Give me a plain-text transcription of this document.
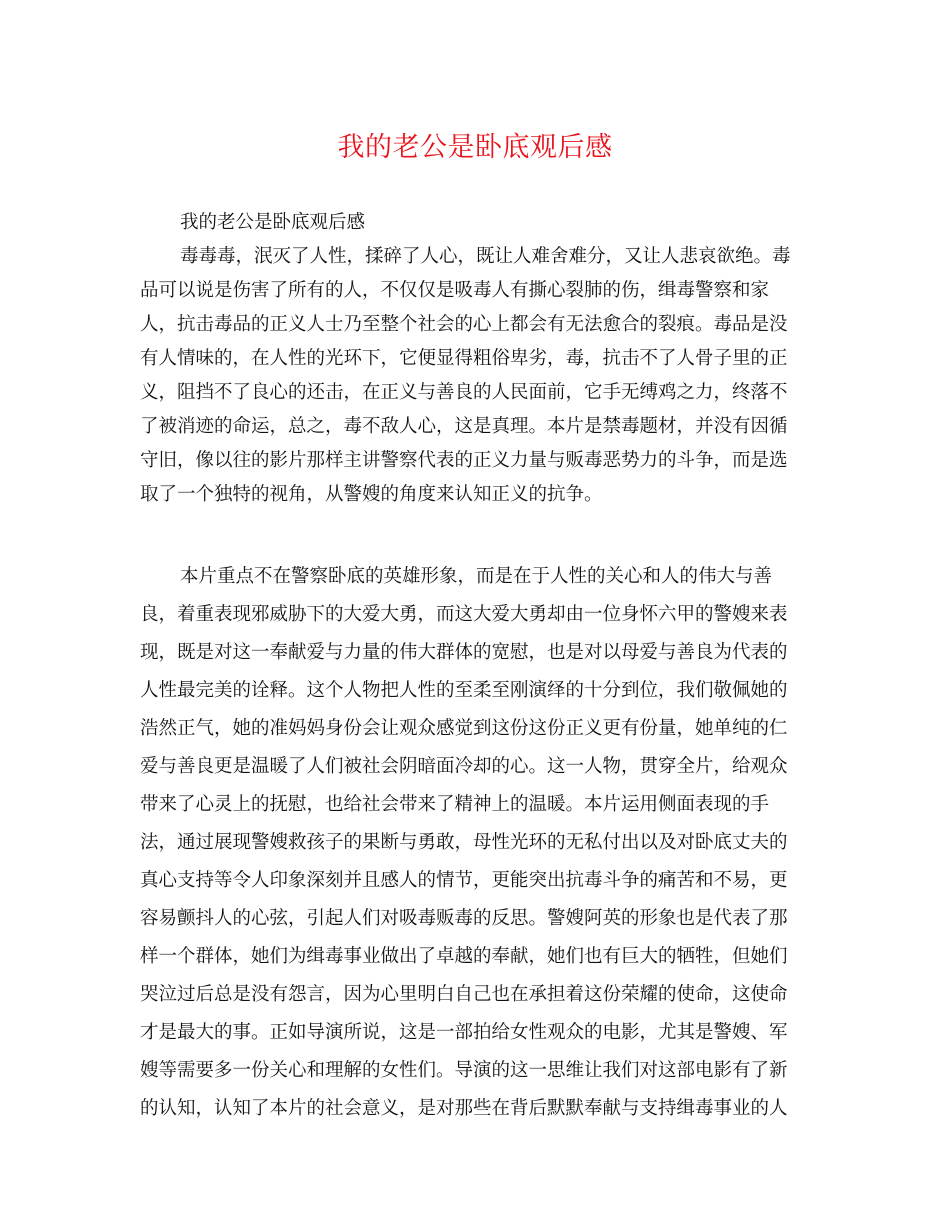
我的老公是卧底观后感
我的老公是卧底观后感
毒毒毒，泯灭了人性，揉碎了人心，既让人难舍难分，又让人悲哀欲绝。毒
品可以说是伤害了所有的人，不仅仅是吸毒人有撕心裂肺的伤，缉毒警察和家
人，抗击毒品的正义人士乃至整个社会的心上都会有无法愈合的裂痕。毒品是没
有人情味的，在人性的光环下，它便显得粗俗卑劣，毒，抗击不了人骨子里的正
义，阻挡不了良心的还击，在正义与善良的人民面前，它手无缚鸡之力，终落不
了被消迹的命运，总之，毒不敌人心，这是真理。本片是禁毒题材，并没有因循
守旧，像以往的影片那样主讲警察代表的正义力量与贩毒恶势力的斗争，而是选
取了一个独特的视角，从警嫂的角度来认知正义的抗争。
本片重点不在警察卧底的英雄形象，而是在于人性的关心和人的伟大与善
良，着重表现邪威胁下的大爱大勇，而这大爱大勇却由一位身怀六甲的警嫂来表
现，既是对这一奉献爱与力量的伟大群体的宽慰，也是对以母爱与善良为代表的
人性最完美的诠释。这个人物把人性的至柔至刚演绎的十分到位，我们敬佩她的
浩然正气，她的准妈妈身份会让观众感觉到这份这份正义更有份量，她单纯的仁
爱与善良更是温暖了人们被社会阴暗面冷却的心。这一人物，贯穿全片，给观众
带来了心灵上的抚慰，也给社会带来了精神上的温暖。本片运用侧面表现的手
法，通过展现警嫂救孩子的果断与勇敢，母性光环的无私付出以及对卧底丈夫的
真心支持等令人印象深刻并且感人的情节，更能突出抗毒斗争的痛苦和不易，更
容易颤抖人的心弦，引起人们对吸毒贩毒的反思。警嫂阿英的形象也是代表了那
样一个群体，她们为缉毒事业做出了卓越的奉献，她们也有巨大的牺牲，但她们
哭泣过后总是没有怨言，因为心里明白自己也在承担着这份荣耀的使命，这使命
才是最大的事。正如导演所说，这是一部拍给女性观众的电影，尤其是警嫂、军
嫂等需要多一份关心和理解的女性们。导演的这一思维让我们对这部电影有了新
的认知，认知了本片的社会意义，是对那些在背后默默奉献与支持缉毒事业的人
